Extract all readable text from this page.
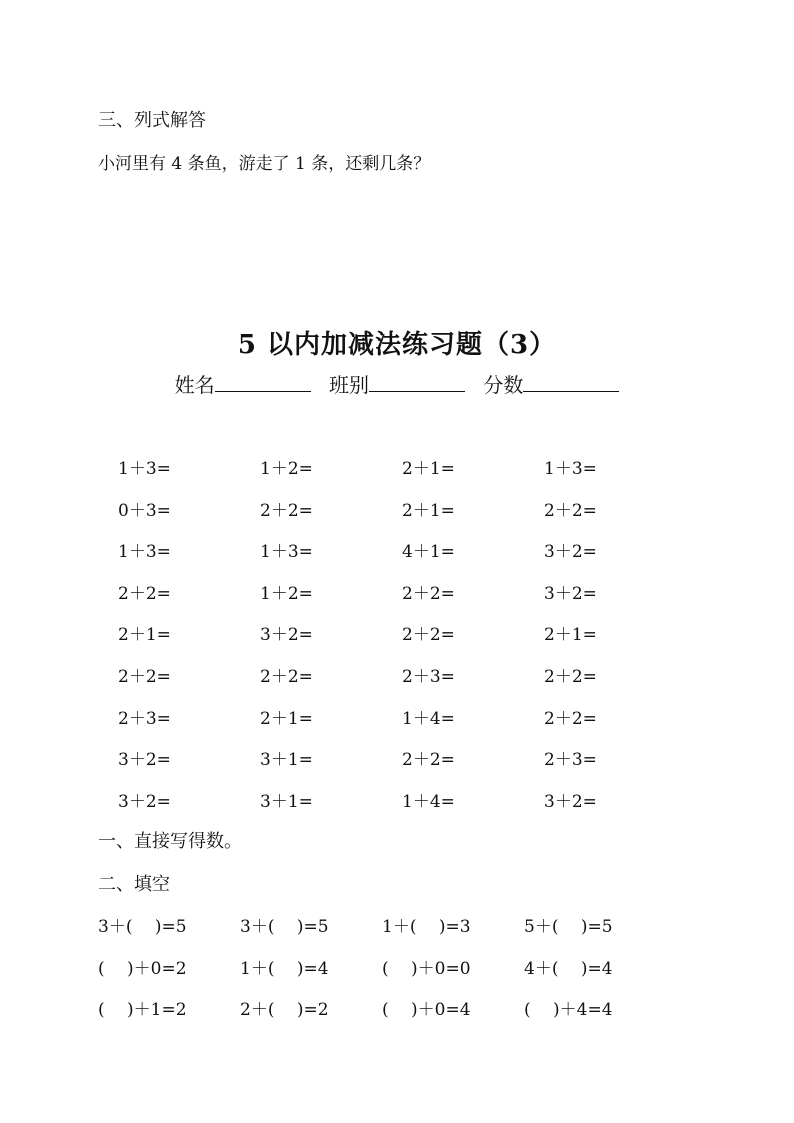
三、列式解答
小河里有 4 条鱼，游走了 1 条，还剩几条？
5 以内加减法练习题（3）
姓名	班别	分数
1＋3=	1＋2=	2＋1=	1＋3=
0＋3=	2＋2=	2＋1=	2＋2=
1＋3=	1＋3=	4＋1=	3＋2=
2＋2=	1＋2=	2＋2=	3＋2=
2＋1=	3＋2=	2＋2=	2＋1=
2＋2=	2＋2=	2＋3=	2＋2=
2＋3=	2＋1=	1＋4=	2＋2=
3＋2=	3＋1=	2＋2=	2＋3=
3＋2=	3＋1=	1＋4=	3＋2=
一、直接写得数。
二、填空
3＋(　 )=5	3＋(　 )=5	1＋(　 )=3	5＋(　 )=5
(　 )＋0=2	1＋(　 )=4	(　 )＋0=0	4＋(　 )=4
(　 )＋1=2	2＋(　 )=2	(　 )＋0=4	(　 )＋4=4
